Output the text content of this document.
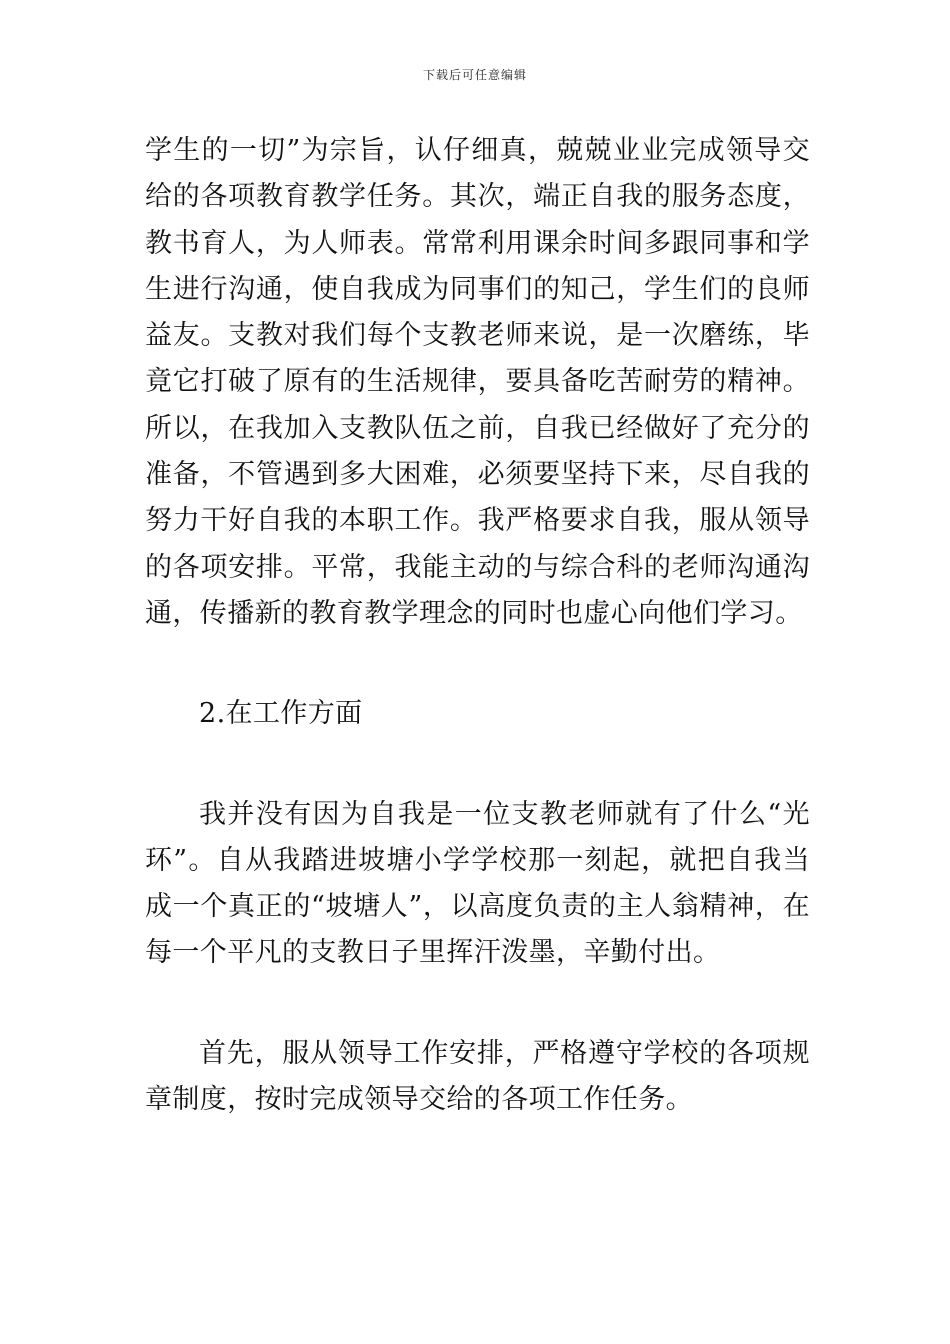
下载后可任意编辑

学生的一切”为宗旨，认仔细真，兢兢业业完成领导交给的各项教育教学任务。其次，端正自我的服务态度，教书育人，为人师表。常常利用课余时间多跟同事和学生进行沟通，使自我成为同事们的知己，学生们的良师益友。支教对我们每个支教老师来说，是一次磨练，毕竟它打破了原有的生活规律，要具备吃苦耐劳的精神。所以，在我加入支教队伍之前，自我已经做好了充分的准备，不管遇到多大困难，必须要坚持下来，尽自我的努力干好自我的本职工作。我严格要求自我，服从领导的各项安排。平常，我能主动的与综合科的老师沟通沟通，传播新的教育教学理念的同时也虚心向他们学习。

2.在工作方面

我并没有因为自我是一位支教老师就有了什么“光环”。自从我踏进坡塘小学学校那一刻起，就把自我当成一个真正的“坡塘人”，以高度负责的主人翁精神，在每一个平凡的支教日子里挥汗泼墨，辛勤付出。

首先，服从领导工作安排，严格遵守学校的各项规章制度，按时完成领导交给的各项工作任务。
